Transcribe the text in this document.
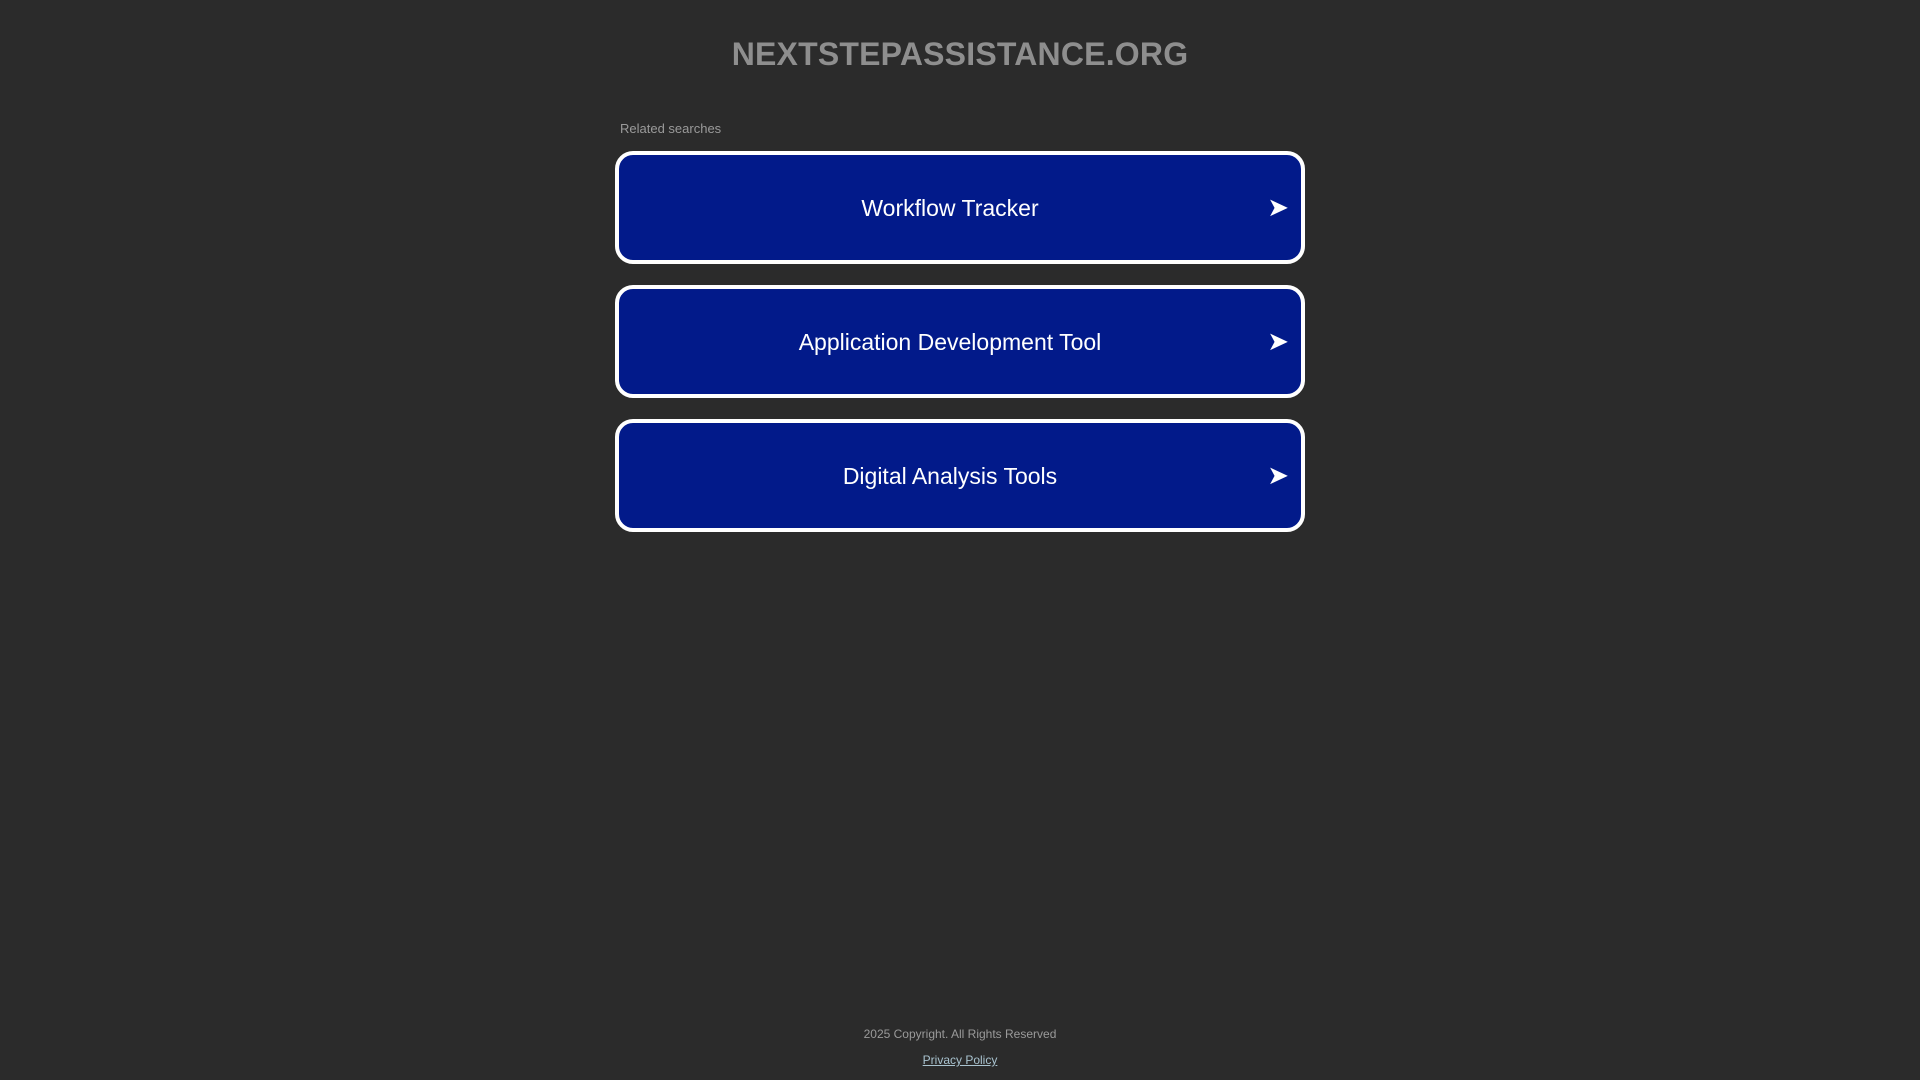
NEXTSTEPASSISTANCE.ORG
Related searches
Workflow Tracker	➤
Application Development Tool	➤
Digital Analysis Tools	➤
2025 Copyright. All Rights Reserved
Privacy Policy
